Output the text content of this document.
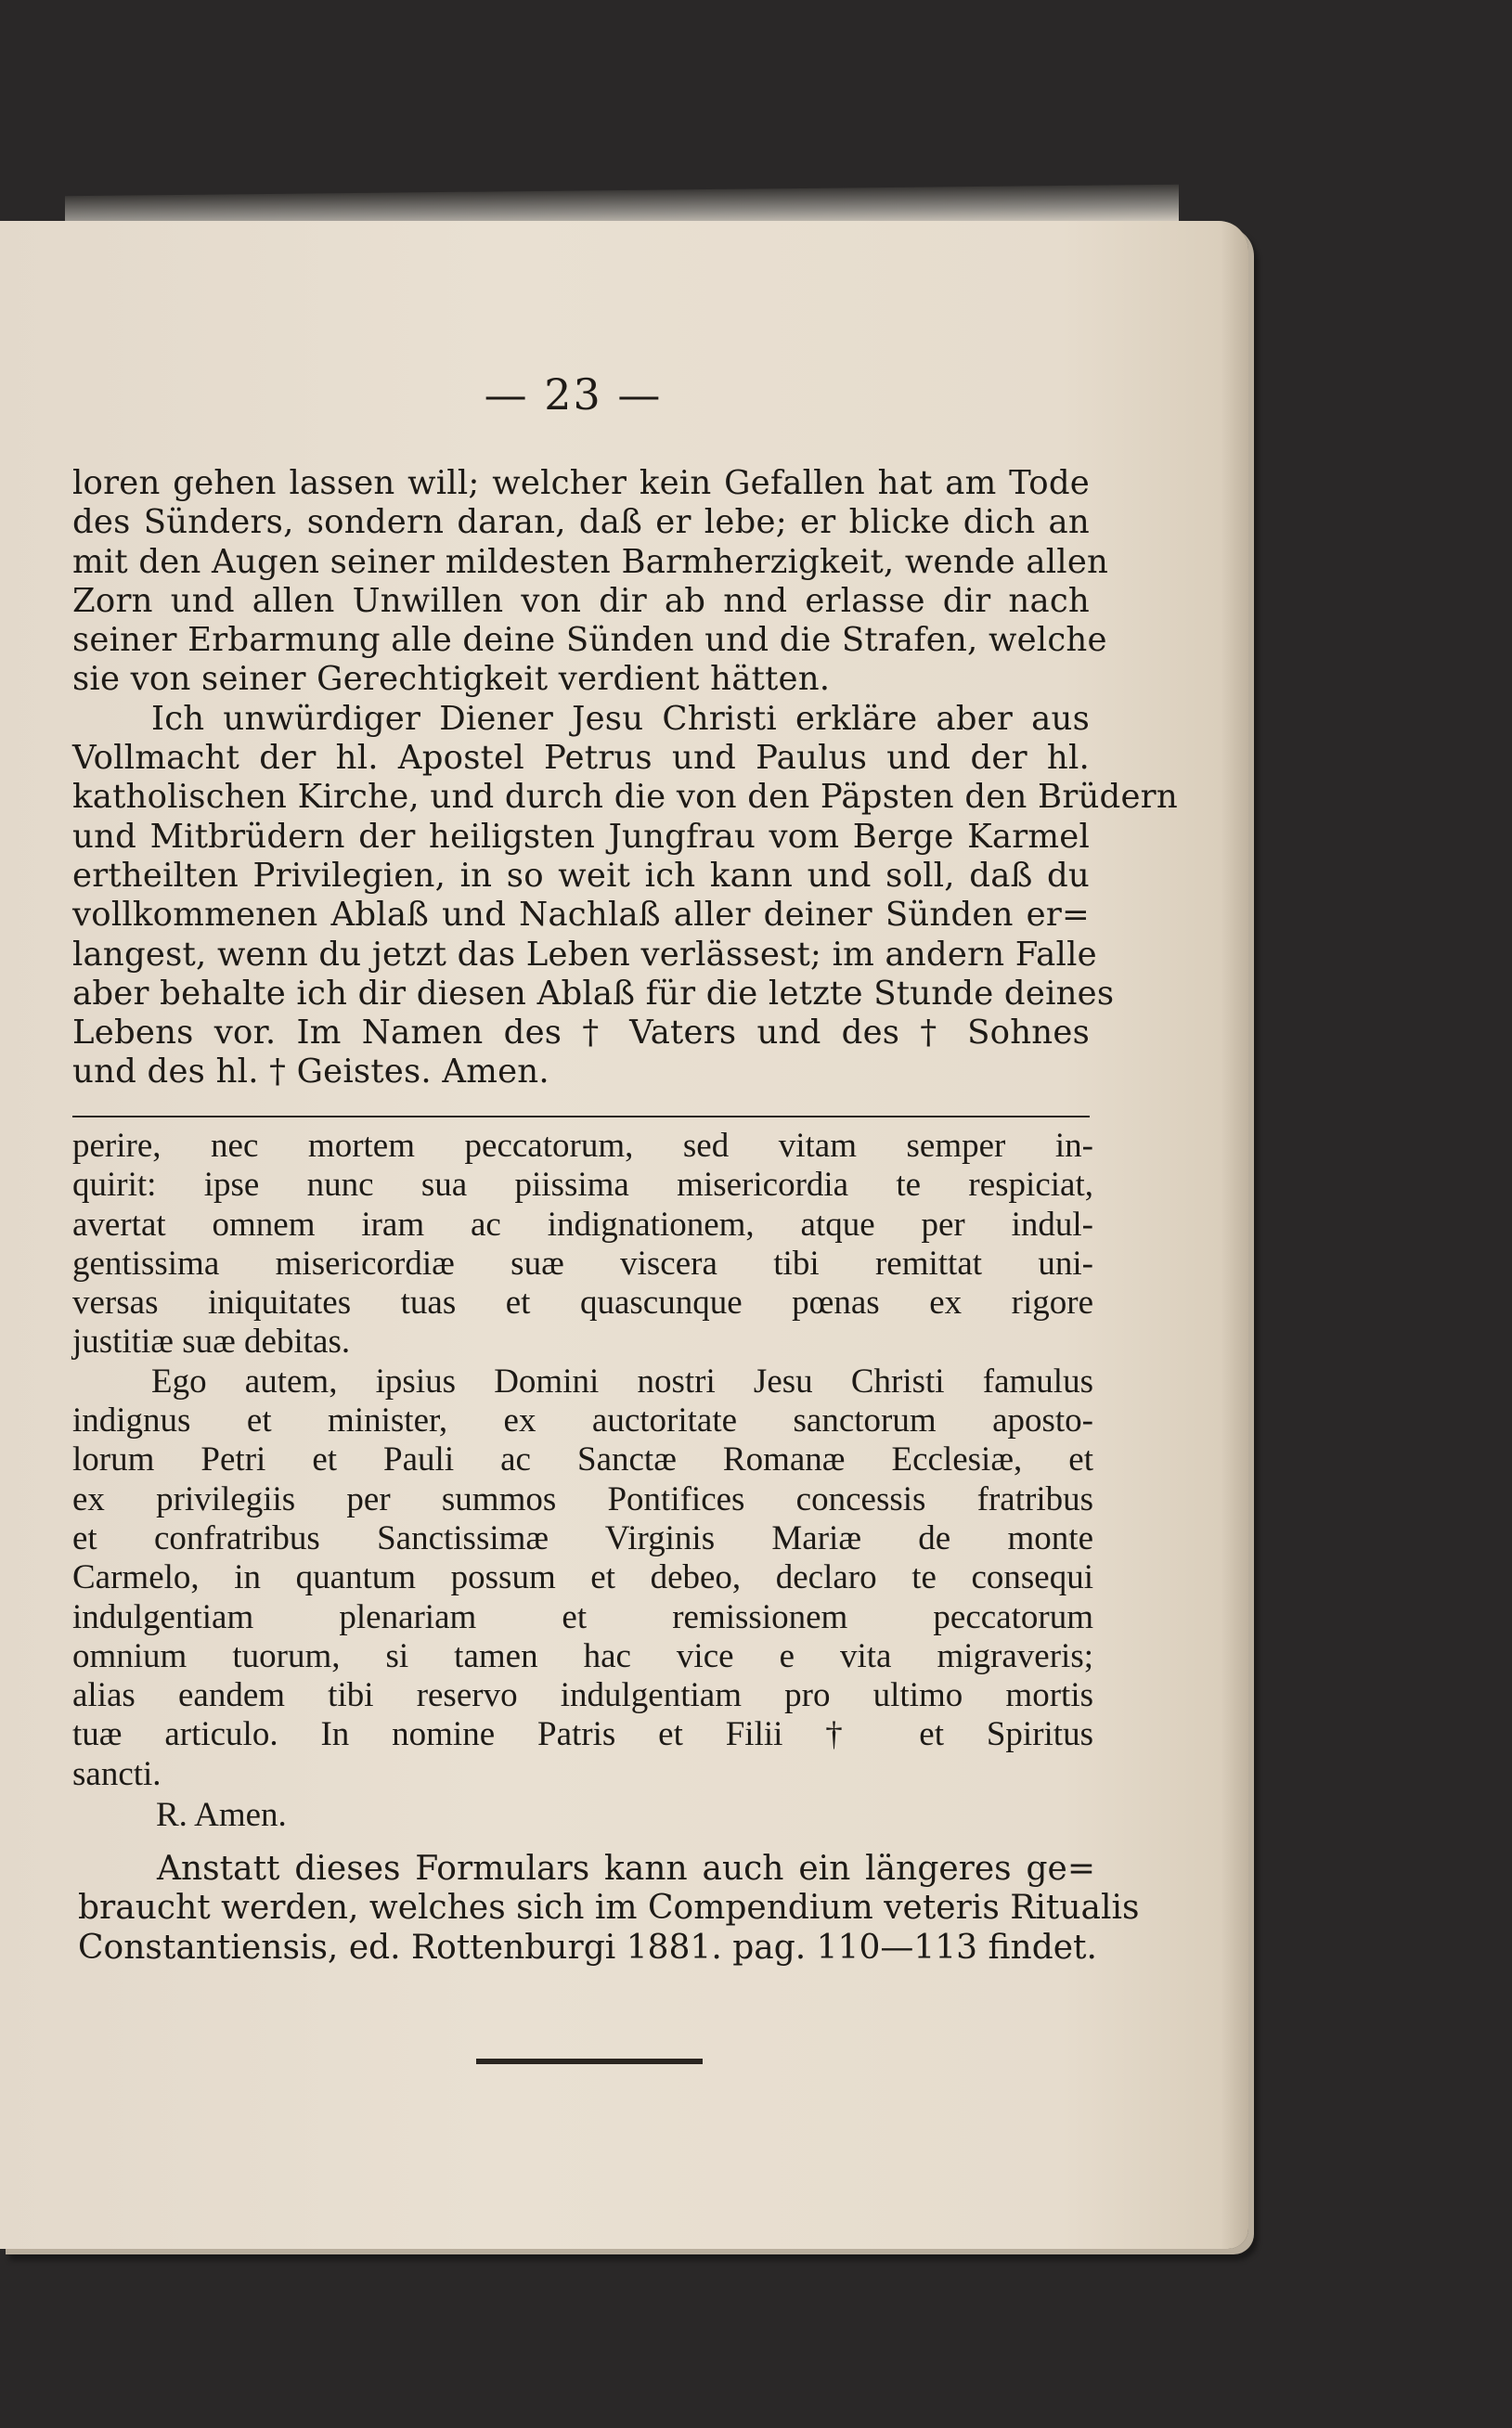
— 23 —
loren gehen lassen will; welcher kein Gefallen hat am Tode
des Sünders, sondern daran, daß er lebe; er blicke dich an
mit den Augen seiner mildesten Barmherzigkeit, wende allen
Zorn und allen Unwillen von dir ab nnd erlasse dir nach
seiner Erbarmung alle deine Sünden und die Strafen, welche
sie von seiner Gerechtigkeit verdient hätten.
Ich unwürdiger Diener Jesu Christi erkläre aber aus
Vollmacht der hl. Apostel Petrus und Paulus und der hl.
katholischen Kirche, und durch die von den Päpsten den Brüdern
und Mitbrüdern der heiligsten Jungfrau vom Berge Karmel
ertheilten Privilegien, in so weit ich kann und soll, daß du
vollkommenen Ablaß und Nachlaß aller deiner Sünden er=
langest, wenn du jetzt das Leben verlässest; im andern Falle
aber behalte ich dir diesen Ablaß für die letzte Stunde deines
Lebens vor. Im Namen des † Vaters und des † Sohnes
und des hl. † Geistes. Amen.
perire, nec mortem peccatorum, sed vitam semper in-
quirit: ipse nunc sua piissima misericordia te respiciat,
avertat omnem iram ac indignationem, atque per indul-
gentissima misericordiæ suæ viscera tibi remittat uni-
versas iniquitates tuas et quascunque pœnas ex rigore
justitiæ suæ debitas.
Ego autem, ipsius Domini nostri Jesu Christi famulus
indignus et minister, ex auctoritate sanctorum aposto-
lorum Petri et Pauli ac Sanctæ Romanæ Ecclesiæ, et
ex privilegiis per summos Pontifices concessis fratribus
et confratribus Sanctissimæ Virginis Mariæ de monte
Carmelo, in quantum possum et debeo, declaro te consequi
indulgentiam plenariam et remissionem peccatorum
omnium tuorum, si tamen hac vice e vita migraveris;
alias eandem tibi reservo indulgentiam pro ultimo mortis
tuæ articulo. In nomine Patris et Filii † et Spiritus
sancti.
R. Amen.
Anstatt dieses Formulars kann auch ein längeres ge=
braucht werden, welches sich im Compendium veteris Ritualis
Constantiensis, ed. Rottenburgi 1881. pag. 110—113 findet.
